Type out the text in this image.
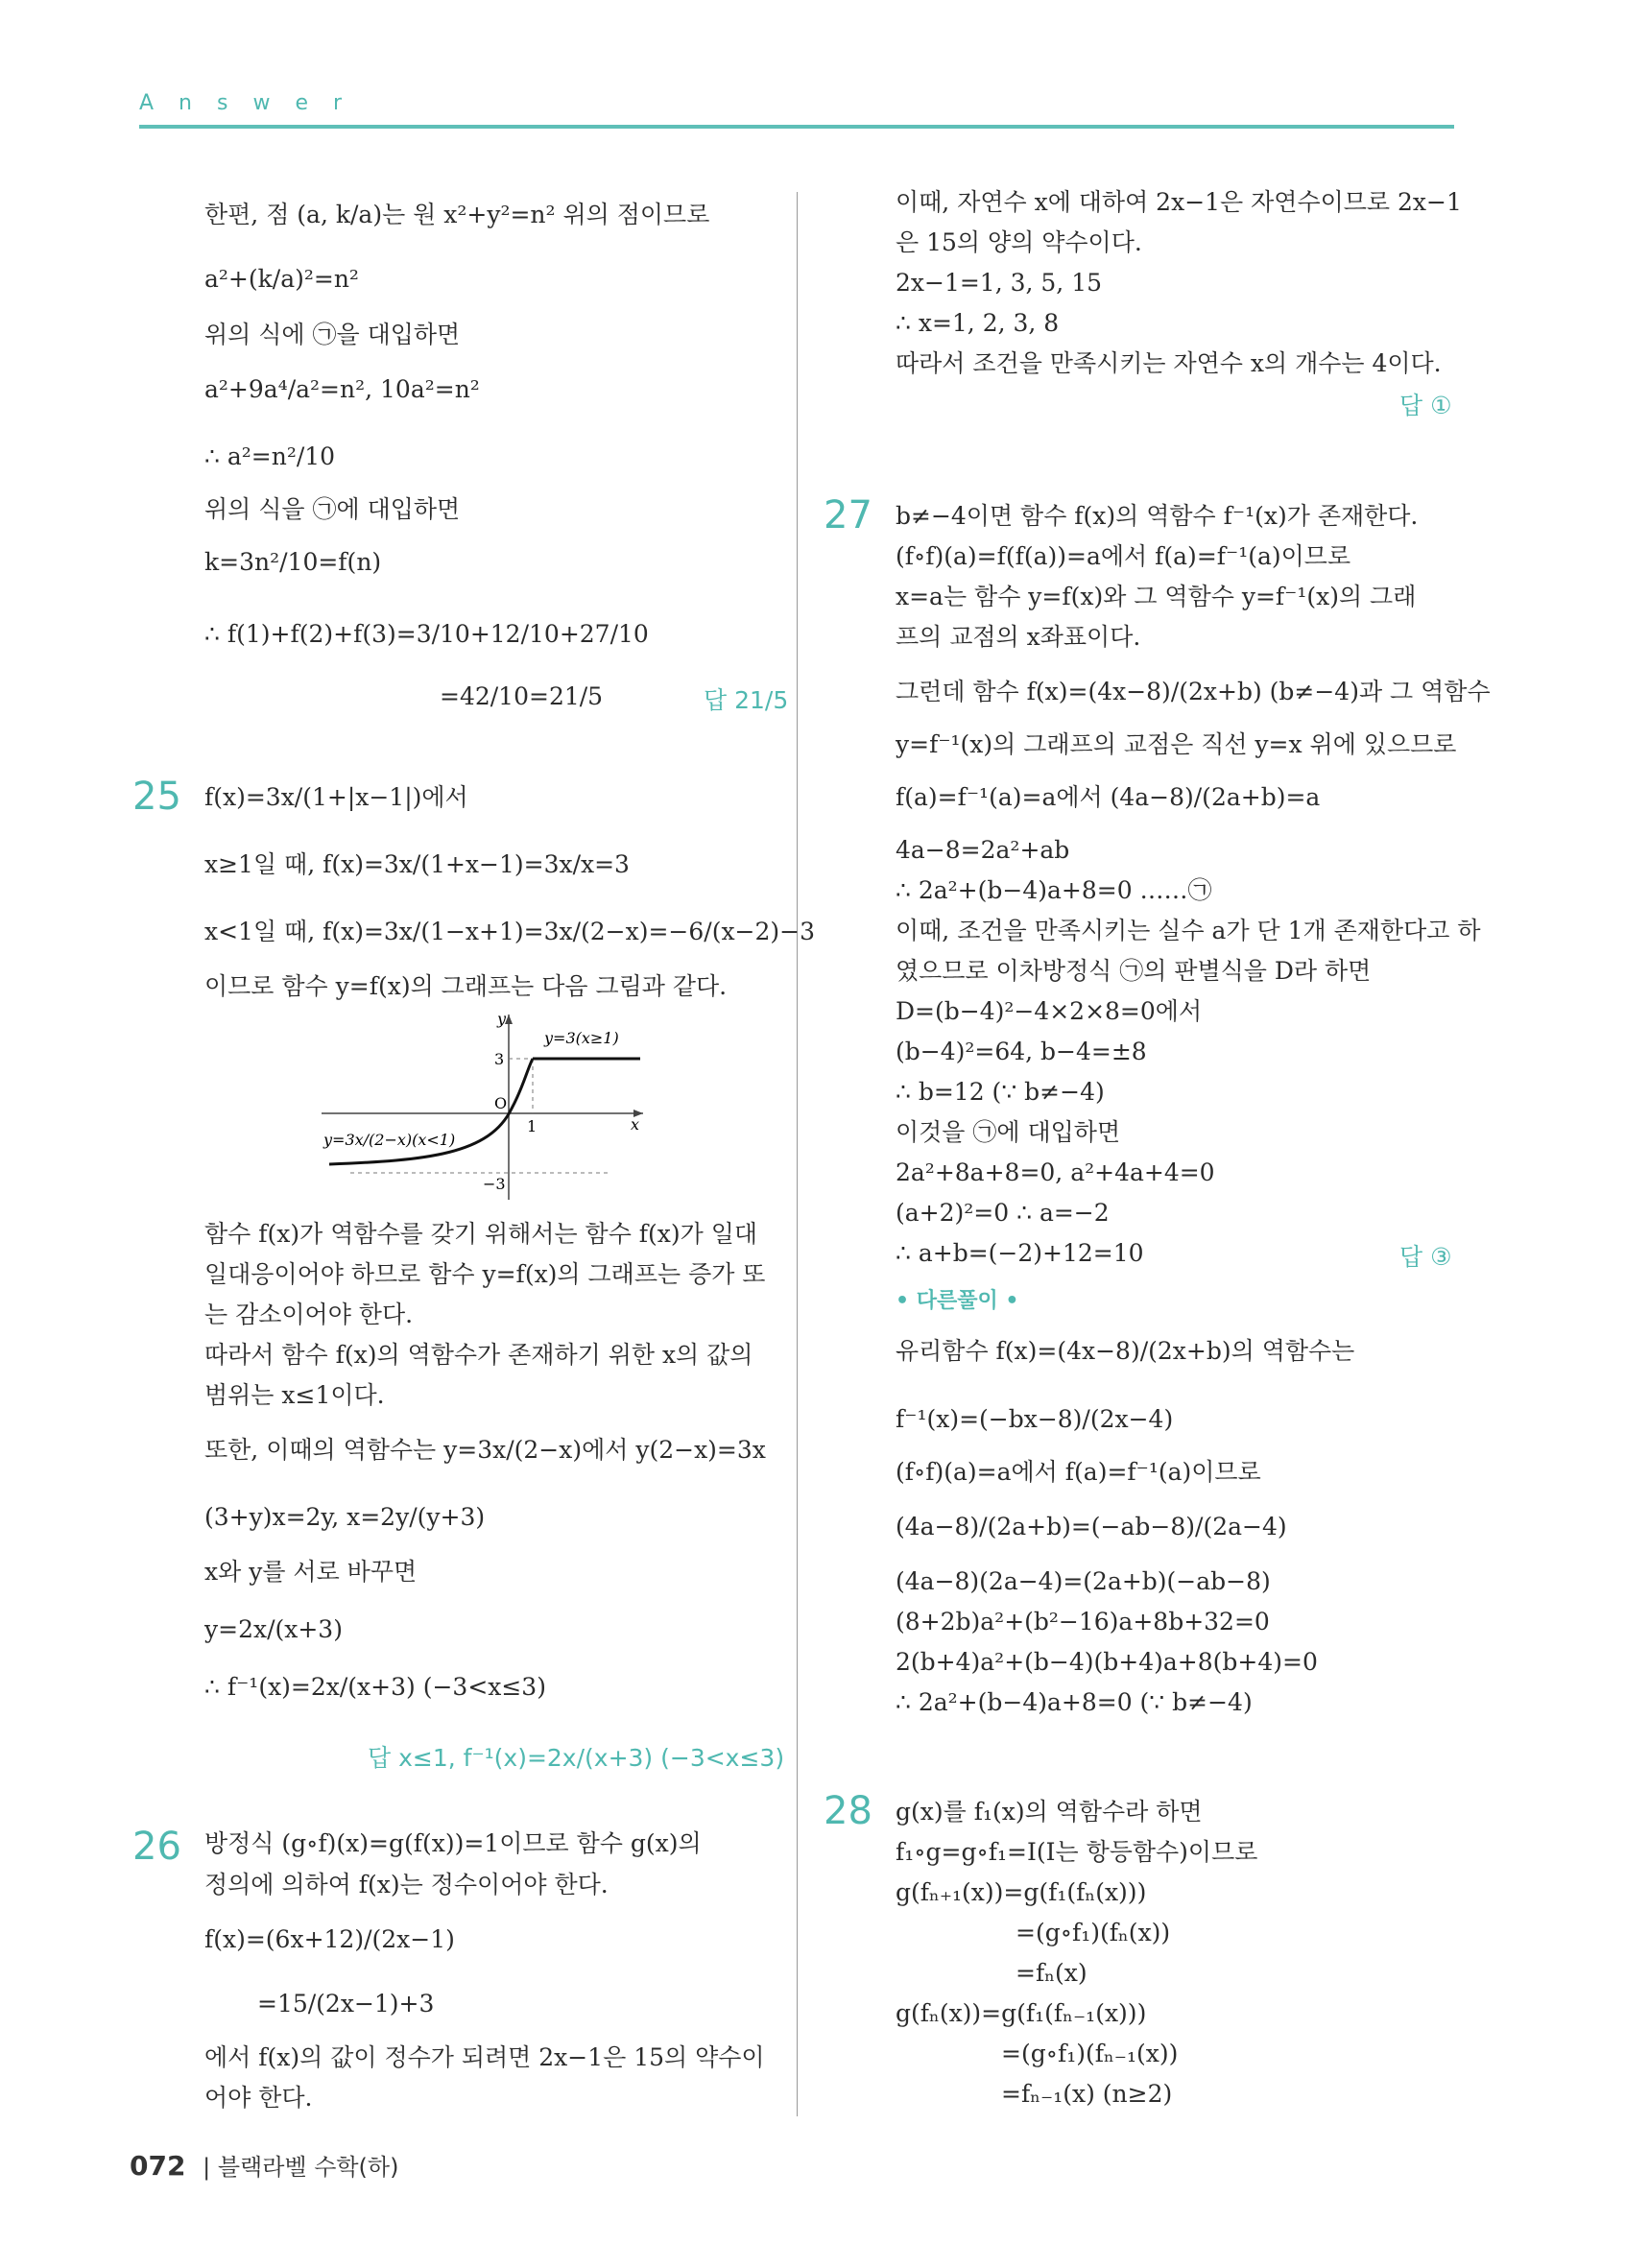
Answer
한편, 점 (a, k/a)는 원 x²+y²=n² 위의 점이므로
a²+(k/a)²=n²
위의 식에 ㉠을 대입하면
a²+9a⁴/a²=n², 10a²=n²
∴ a²=n²/10
위의 식을 ㉠에 대입하면
k=3n²/10=f(n)
∴ f(1)+f(2)+f(3)=3/10+12/10+27/10
=42/10=21/5	답 21/5
25 f(x)=3x/(1+|x−1|)에서
x≥1일 때, f(x)=3x/(1+x−1)=3x/x=3
x<1일 때, f(x)=3x/(1−x+1)=3x/(2−x)=−6/(x−2)−3
이므로 함수 y=f(x)의 그래프는 다음 그림과 같다.
함수 f(x)가 역함수를 갖기 위해서는 함수 f(x)가 일대
일대응이어야 하므로 함수 y=f(x)의 그래프는 증가 또
는 감소이어야 한다.
따라서 함수 f(x)의 역함수가 존재하기 위한 x의 값의
범위는 x≤1이다.
또한, 이때의 역함수는 y=3x/(2−x)에서 y(2−x)=3x
(3+y)x=2y, x=2y/(y+3)
x와 y를 서로 바꾸면
y=2x/(x+3)
∴ f⁻¹(x)=2x/(x+3) (−3<x≤3)
답 x≤1, f⁻¹(x)=2x/(x+3) (−3<x≤3)
y
x
O
3
1
−3
y=3(x≥1)
y=3x/(2−x)(x<1)
26 방정식 (g∘f)(x)=g(f(x))=1이므로 함수 g(x)의
정의에 의하여 f(x)는 정수이어야 한다.
f(x)=(6x+12)/(2x−1)
=15/(2x−1)+3
에서 f(x)의 값이 정수가 되려면 2x−1은 15의 약수이
어야 한다.
이때, 자연수 x에 대하여 2x−1은 자연수이므로 2x−1
은 15의 양의 약수이다.
2x−1=1, 3, 5, 15
∴ x=1, 2, 3, 8
따라서 조건을 만족시키는 자연수 x의 개수는 4이다.
답 ①
27 b≠−4이면 함수 f(x)의 역함수 f⁻¹(x)가 존재한다.
(f∘f)(a)=f(f(a))=a에서 f(a)=f⁻¹(a)이므로
x=a는 함수 y=f(x)와 그 역함수 y=f⁻¹(x)의 그래
프의 교점의 x좌표이다.
그런데 함수 f(x)=(4x−8)/(2x+b) (b≠−4)과 그 역함수
y=f⁻¹(x)의 그래프의 교점은 직선 y=x 위에 있으므로
f(a)=f⁻¹(a)=a에서 (4a−8)/(2a+b)=a
4a−8=2a²+ab
∴ 2a²+(b−4)a+8=0 ……㉠
이때, 조건을 만족시키는 실수 a가 단 1개 존재한다고 하
였으므로 이차방정식 ㉠의 판별식을 D라 하면
D=(b−4)²−4×2×8=0에서
(b−4)²=64, b−4=±8
∴ b=12 (∵ b≠−4)
이것을 ㉠에 대입하면
2a²+8a+8=0, a²+4a+4=0
(a+2)²=0 ∴ a=−2
∴ a+b=(−2)+12=10	답 ③
• 다른풀이 •
유리함수 f(x)=(4x−8)/(2x+b)의 역함수는
f⁻¹(x)=(−bx−8)/(2x−4)
(f∘f)(a)=a에서 f(a)=f⁻¹(a)이므로
(4a−8)/(2a+b)=(−ab−8)/(2a−4)
(4a−8)(2a−4)=(2a+b)(−ab−8)
(8+2b)a²+(b²−16)a+8b+32=0
2(b+4)a²+(b−4)(b+4)a+8(b+4)=0
∴ 2a²+(b−4)a+8=0 (∵ b≠−4)
28 g(x)를 f₁(x)의 역함수라 하면
f₁∘g=g∘f₁=I(I는 항등함수)이므로
g(fₙ₊₁(x))=g(f₁(fₙ(x)))
=(g∘f₁)(fₙ(x))
=fₙ(x)
g(fₙ(x))=g(f₁(fₙ₋₁(x)))
=(g∘f₁)(fₙ₋₁(x))
=fₙ₋₁(x) (n≥2)
072 | 블랙라벨 수학(하)
